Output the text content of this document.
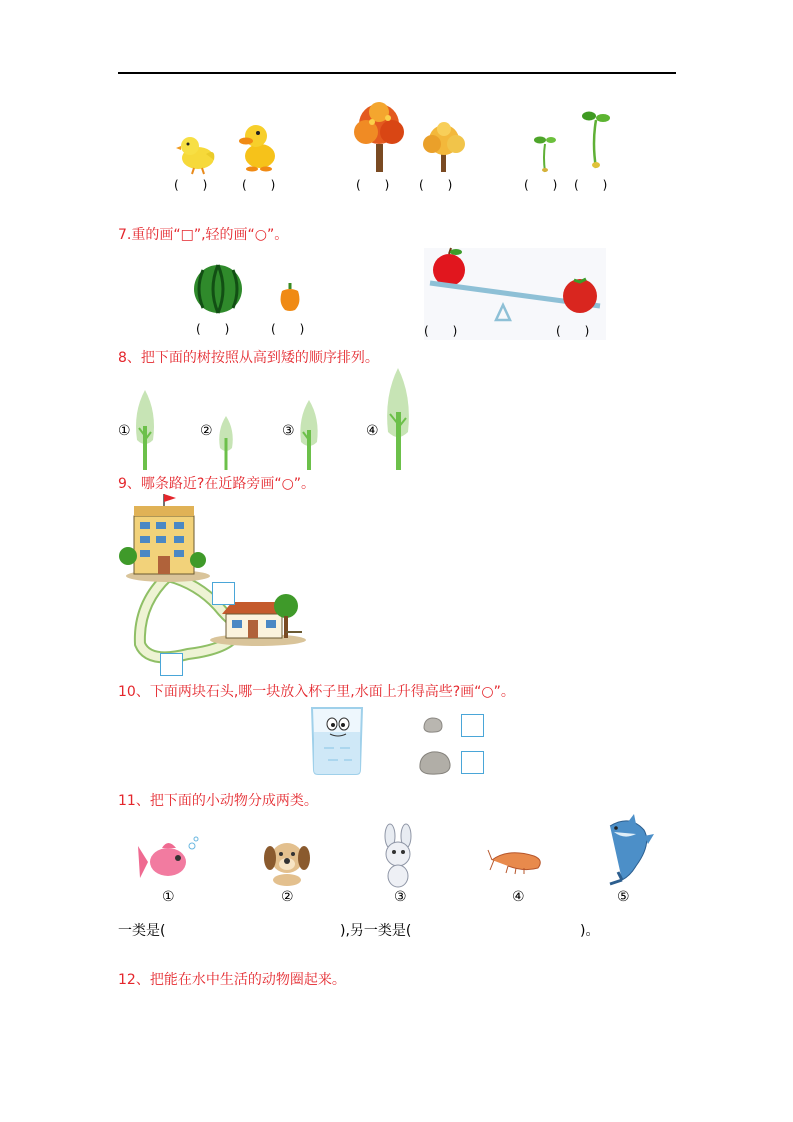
(　　)	(　　)	(　　) (　　)	(　　) (　　)
7.重的画“□”,轻的画“○”。
(　　)	(　　)	(　　)	(　　)
8、把下面的树按照从高到矮的顺序排列。
①	②	③	④
9、哪条路近?在近路旁画“○”。
10、下面两块石头,哪一块放入杯子里,水面上升得高些?画“○”。
11、把下面的小动物分成两类。
①	②	③	④	⑤
一类是(	),另一类是(	)。
12、把能在水中生活的动物圈起来。
